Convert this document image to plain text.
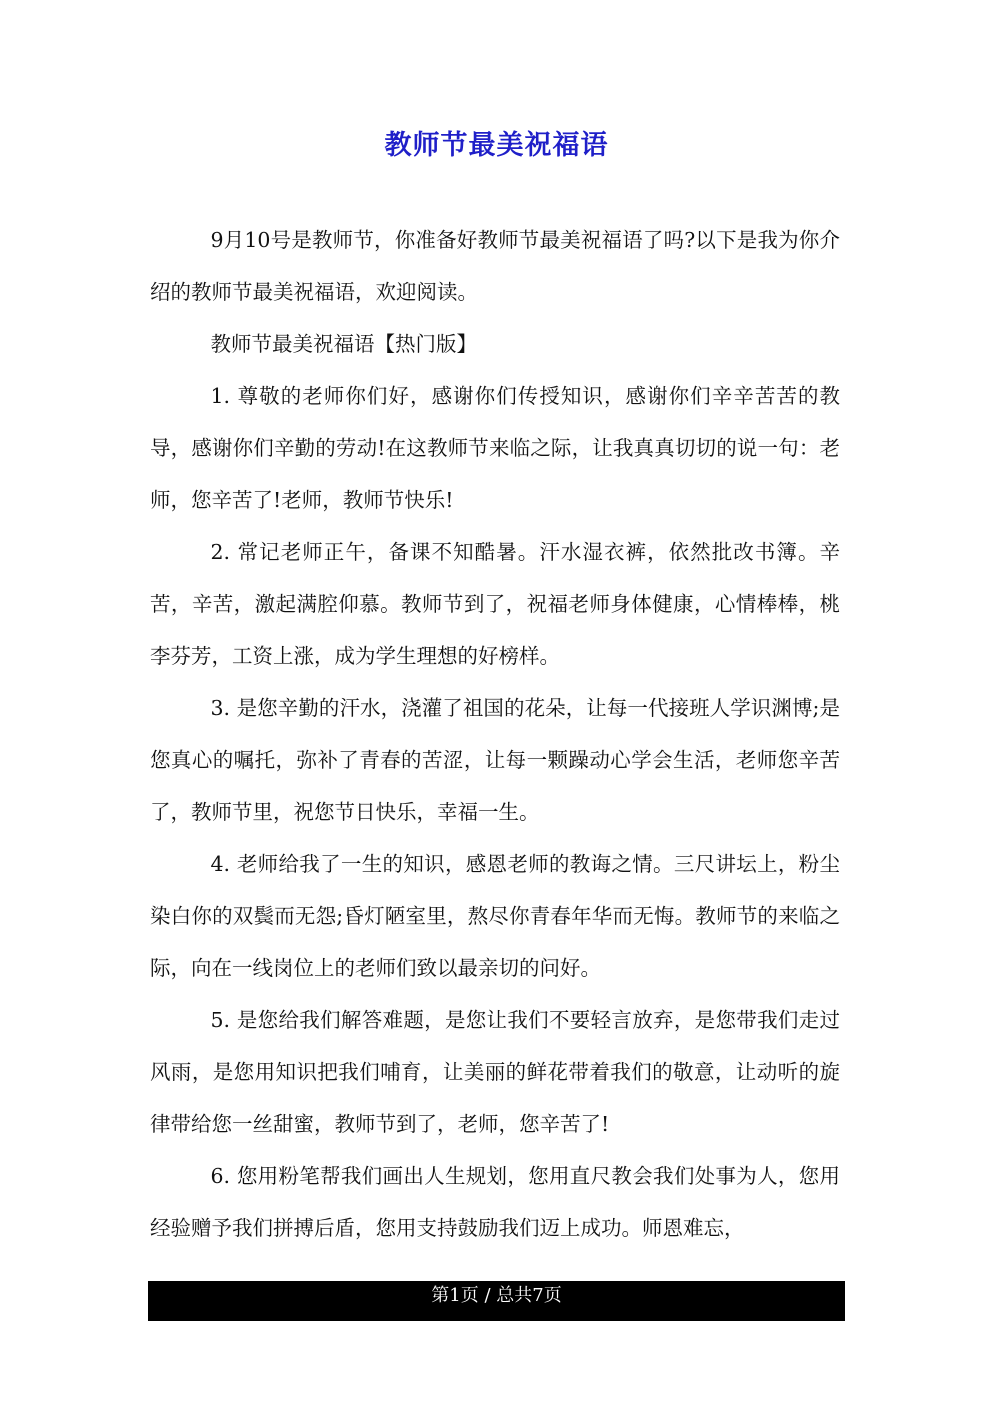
教师节最美祝福语

9月10号是教师节，你准备好教师节最美祝福语了吗?以下是我为你介绍的教师节最美祝福语，欢迎阅读。

教师节最美祝福语【热门版】

1. 尊敬的老师你们好，感谢你们传授知识，感谢你们辛辛苦苦的教导，感谢你们辛勤的劳动!在这教师节来临之际，让我真真切切的说一句：老师，您辛苦了!老师，教师节快乐!

2. 常记老师正午，备课不知酷暑。汗水湿衣裤，依然批改书簿。辛苦，辛苦，激起满腔仰慕。教师节到了，祝福老师身体健康，心情棒棒，桃李芬芳，工资上涨，成为学生理想的好榜样。

3. 是您辛勤的汗水，浇灌了祖国的花朵，让每一代接班人学识渊博;是您真心的嘱托，弥补了青春的苦涩，让每一颗躁动心学会生活，老师您辛苦了，教师节里，祝您节日快乐，幸福一生。

4. 老师给我了一生的知识，感恩老师的教诲之情。三尺讲坛上，粉尘染白你的双鬓而无怨;昏灯陋室里，熬尽你青春年华而无悔。教师节的来临之际，向在一线岗位上的老师们致以最亲切的问好。

5. 是您给我们解答难题，是您让我们不要轻言放弃，是您带我们走过风雨，是您用知识把我们哺育，让美丽的鲜花带着我们的敬意，让动听的旋律带给您一丝甜蜜，教师节到了，老师，您辛苦了!

6. 您用粉笔帮我们画出人生规划，您用直尺教会我们处事为人，您用经验赠予我们拼搏后盾，您用支持鼓励我们迈上成功。师恩难忘，

第1页 / 总共7页
